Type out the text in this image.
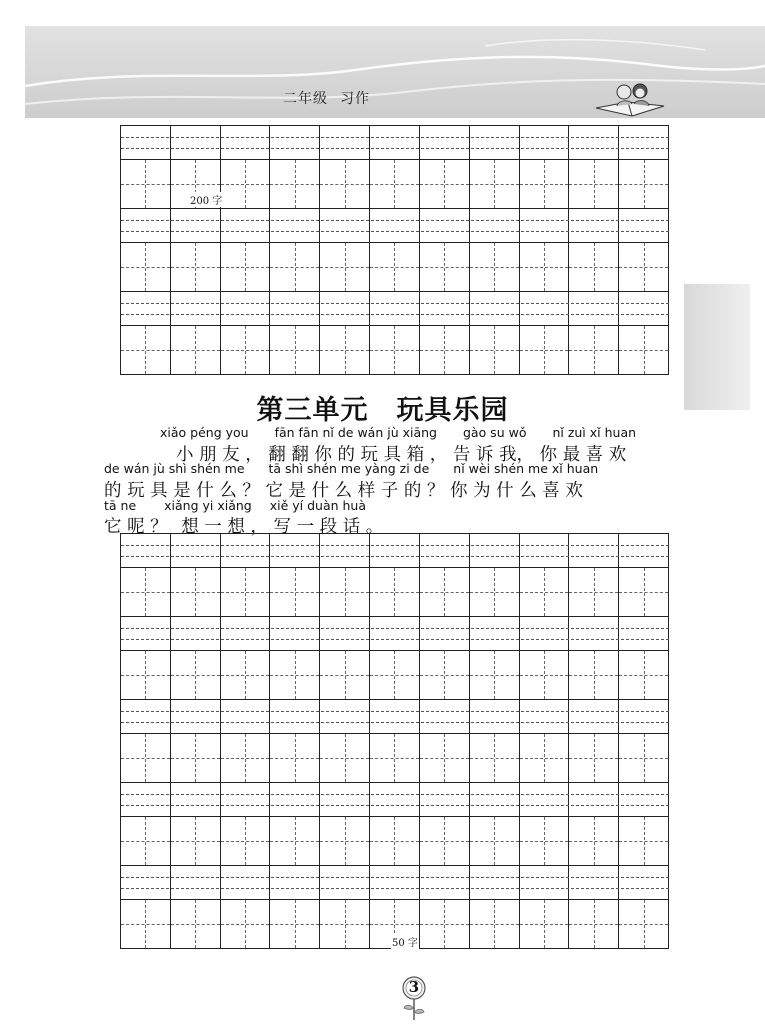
二年级 习作
200 字
第三单元 玩具乐园
xiǎo péng you fān fān nǐ de wán jù xiāng gào su wǒ nǐ zuì xǐ huan
小 朋 友 ， 翻 翻 你 的 玩 具 箱 ， 告 诉 我， 你 最 喜 欢
de wán jù shì shén me tā shì shén me yàng zi de nǐ wèi shén me xǐ huan
的 玩 具 是 什 么 ？ 它 是 什 么 样 子 的 ？ 你 为 什 么 喜 欢
tā ne xiǎng yi xiǎng xiě yí duàn huà
它 呢 ？ 想 一 想 ， 写 一 段 话 。
50 字
3
